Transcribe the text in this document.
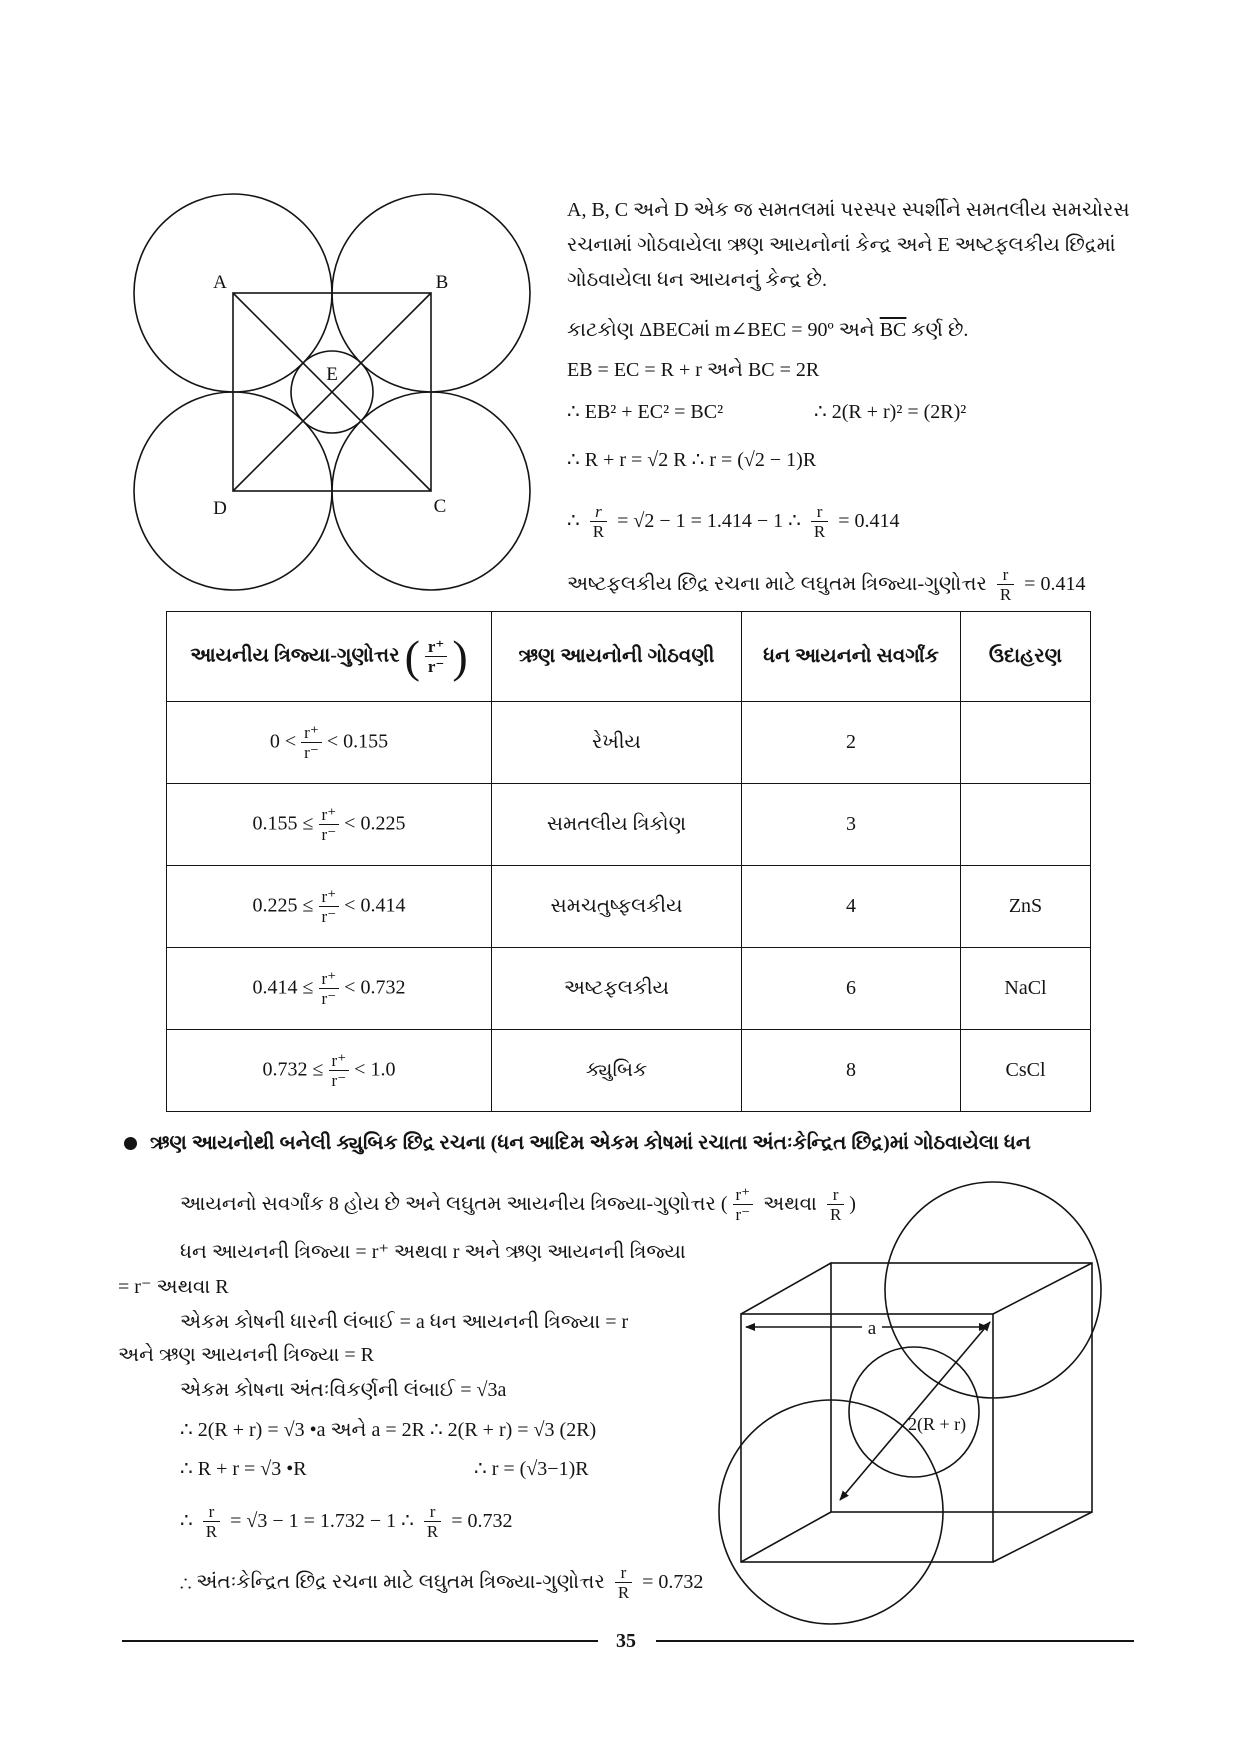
A	B
C
D
E
A, B, C અને D એક જ સમતલમાં પરસ્પર સ્પર્શીને સમતલીય સમચોરસ
રચનામાં ગોઠવાયેલા ઋણ આયનોનાં કેન્દ્ર અને E અષ્ટફલકીય છિદ્રમાં
ગોઠવાયેલા ધન આયનનું કેન્દ્ર છે.
કાટકોણ ΔBECમાં m∠BEC = 90º અને $\overline{BC}$ કર્ણ છે.
EB = EC = R + r અને BC = 2R
∴ EB² + EC² = BC²	∴ 2(R + r)² = (2R)²
∴ R + r = √2 R ∴ r = (√2 − 1)R
∴ $\frac{r}{R} = √2 - 1 = 1.414 - 1$ ∴ $\frac{r}{R} = 0.414$
અષ્ટફલકીય છિદ્ર રચના માટે લઘુતમ ત્રિજ્યા-ગુણોત્તર $\frac{r}{R} = 0.414$
આયનીય ત્રિજ્યા-ગુણોત્તર ( $\frac{r^+}{r^-}$ )	ઋણ આયનોની ગોઠવણી	ધન આયનનો સવર્ગાંક	ઉદાહરણ
$0 < \frac{r^+}{r^-} < 0.155$	રેખીય	2	
$0.155 \le \frac{r^+}{r^-} < 0.225$	સમતલીય ત્રિકોણ	3	
$0.225 \le \frac{r^+}{r^-} < 0.414$	સમચતુષ્ફલકીય	4	ZnS
$0.414 \le \frac{r^+}{r^-} < 0.732$	અષ્ટફલકીય	6	NaCl
$0.732 \le \frac{r^+}{r^-} < 1.0$	ક્યુબિક	8	CsCl
ઋણ આયનોથી બનેલી ક્યુબિક છિદ્ર રચના (ધન આદિમ એકમ કોષમાં રચાતા અંતઃકેન્દ્રિત છિદ્ર)માં ગોઠવાયેલા ધન
આયનનો સવર્ગાંક 8 હોય છે અને લઘુતમ આયનીય ત્રિજ્યા-ગુણોત્તર ( $\frac{r^+}{r^-}$ અથવા $\frac{r}{R}$ )
ધન આયનની ત્રિજ્યા = r⁺ અથવા r અને ઋણ આયનની ત્રિજ્યા
= r⁻ અથવા R
એકમ કોષની ધારની લંબાઈ = a ધન આયનની ત્રિજ્યા = r
અને ઋણ આયનની ત્રિજ્યા = R
એકમ કોષના અંતઃવિકર્ણની લંબાઈ = √3a
∴ 2(R + r) = √3 •a અને a = 2R ∴ 2(R + r) = √3 (2R)
∴ R + r = √3 •R	∴ r = (√3−1)R
∴ $\frac{r}{R} = √3 - 1 = 1.732 - 1$ ∴ $\frac{r}{R} = 0.732$
∴ અંતઃકેન્દ્રિત છિદ્ર રચના માટે લઘુતમ ત્રિજ્યા-ગુણોત્તર $\frac{r}{R} = 0.732$
a
2(R + r)
35
